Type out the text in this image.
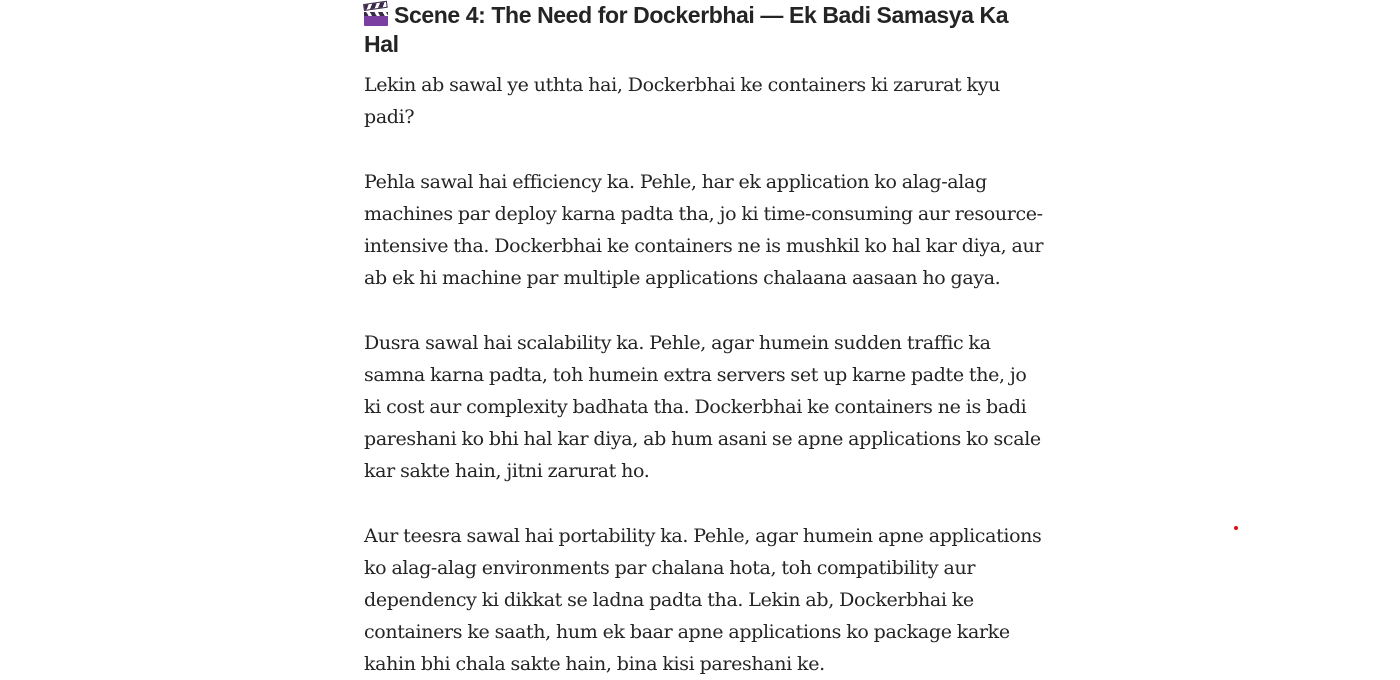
Scene 4: The Need for Dockerbhai — Ek Badi Samasya Ka Hal

Lekin ab sawal ye uthta hai, Dockerbhai ke containers ki zarurat kyu padi?

Pehla sawal hai efficiency ka. Pehle, har ek application ko alag-alag machines par deploy karna padta tha, jo ki time-consuming aur resource-intensive tha. Dockerbhai ke containers ne is mushkil ko hal kar diya, aur ab ek hi machine par multiple applications chalaana aasaan ho gaya.

Dusra sawal hai scalability ka. Pehle, agar humein sudden traffic ka samna karna padta, toh humein extra servers set up karne padte the, jo ki cost aur complexity badhata tha. Dockerbhai ke containers ne is badi pareshani ko bhi hal kar diya, ab hum asani se apne applications ko scale kar sakte hain, jitni zarurat ho.

Aur teesra sawal hai portability ka. Pehle, agar humein apne applications ko alag-alag environments par chalana hota, toh compatibility aur dependency ki dikkat se ladna padta tha. Lekin ab, Dockerbhai ke containers ke saath, hum ek baar apne applications ko package karke kahin bhi chala sakte hain, bina kisi pareshani ke.
